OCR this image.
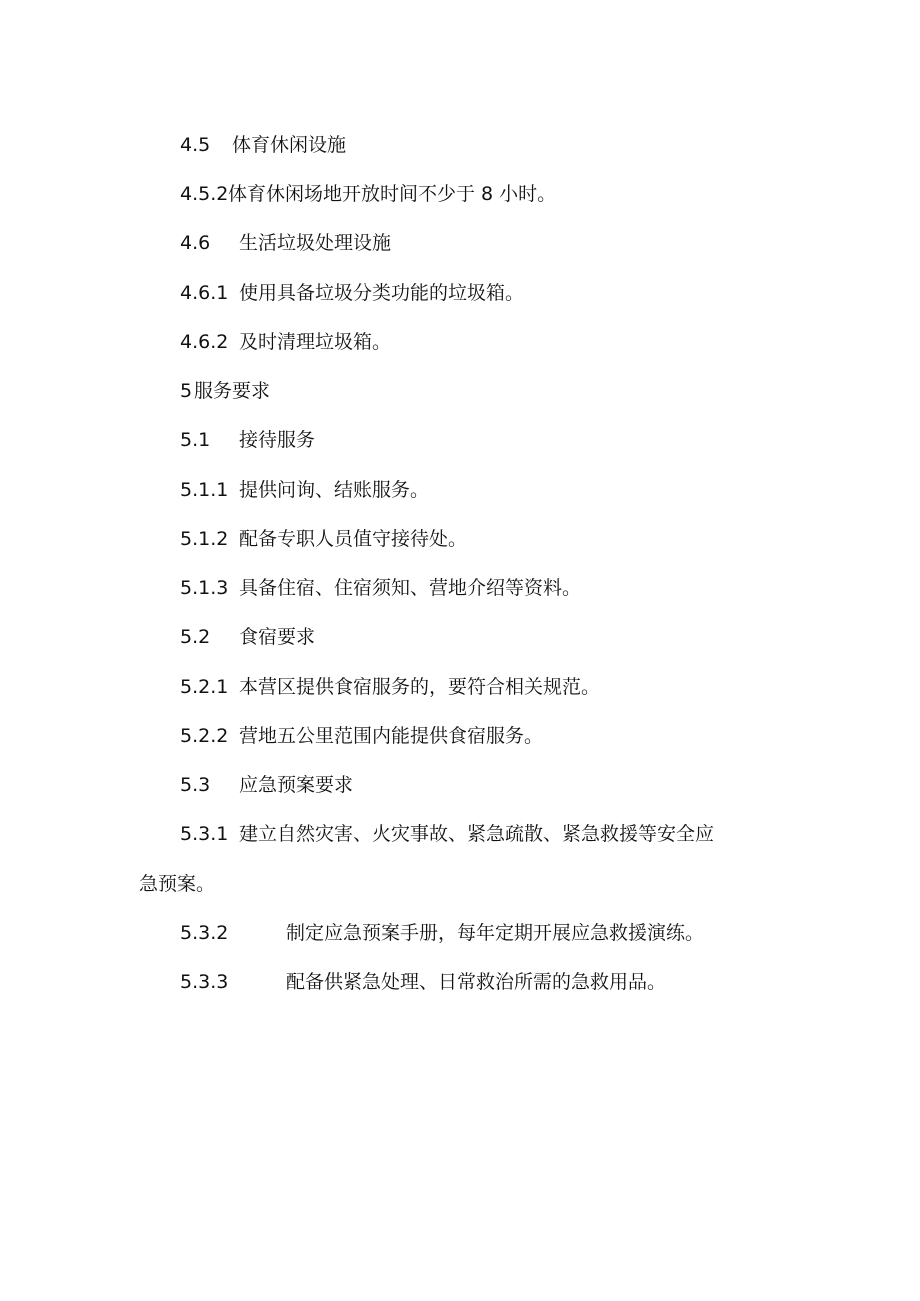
4.5 体育休闲设施
4.5.2 体育休闲场地开放时间不少于 8 小时。
4.6 生活垃圾处理设施
4.6.1 使用具备垃圾分类功能的垃圾箱。
4.6.2 及时清理垃圾箱。
5 服务要求
5.1 接待服务
5.1.1 提供问询、结账服务。
5.1.2 配备专职人员值守接待处。
5.1.3 具备住宿、住宿须知、营地介绍等资料。
5.2 食宿要求
5.2.1 本营区提供食宿服务的，要符合相关规范。
5.2.2 营地五公里范围内能提供食宿服务。
5.3 应急预案要求
5.3.1 建立自然灾害、火灾事故、紧急疏散、紧急救援等安全应
急预案。
5.3.2	制定应急预案手册，每年定期开展应急救援演练。
5.3.3	配备供紧急处理、日常救治所需的急救用品。
